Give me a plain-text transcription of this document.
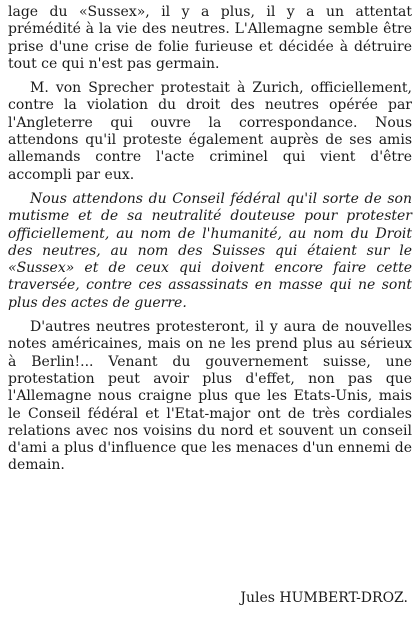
lage du «Sussex», il y a plus, il y a un attentat prémédité à la vie des neutres. L'Allemagne semble être prise d'une crise de folie furieuse et décidée à détruire tout ce qui n'est pas germain.

M. von Sprecher protestait à Zurich, officiellement, contre la violation du droit des neutres opérée par l'Angleterre qui ouvre la correspondance. Nous attendons qu'il proteste également auprès de ses amis allemands contre l'acte criminel qui vient d'être accompli par eux.

Nous attendons du Conseil fédéral qu'il sorte de son mutisme et de sa neutralité douteuse pour protester officiellement, au nom de l'humanité, au nom du Droit des neutres, au nom des Suisses qui étaient sur le «Sussex» et de ceux qui doivent encore faire cette traversée, contre ces assassinats en masse qui ne sont plus des actes de guerre.

D'autres neutres protesteront, il y aura de nouvelles notes américaines, mais on ne les prend plus au sérieux à Berlin!... Venant du gouvernement suisse, une protestation peut avoir plus d'effet, non pas que l'Allemagne nous craigne plus que les Etats-Unis, mais le Conseil fédéral et l'Etat-major ont de très cordiales relations avec nos voisins du nord et souvent un conseil d'ami a plus d'influence que les menaces d'un ennemi de demain.

Jules HUMBERT-DROZ.
